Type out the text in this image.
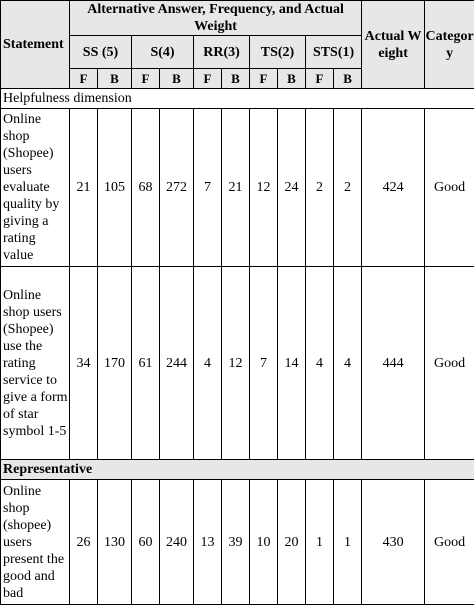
Statement	Alternative Answer, Frequency, and Actual Weight										Actual Weight	Category
	SS (5)		S(4)		RR(3)		TS(2)		STS(1)			
	F	B	F	B	F	B	F	B	F	B		
Helpfulness dimension												
Online shop (Shopee) users evaluate quality by giving a rating value	21	105	68	272	7	21	12	24	2	2	424	Good
Online shop users (Shopee) use the rating service to give a form of star symbol 1-5	34	170	61	244	4	12	7	14	4	4	444	Good
Representative												
Online shop (shopee) users present the good and bad	26	130	60	240	13	39	10	20	1	1	430	Good
